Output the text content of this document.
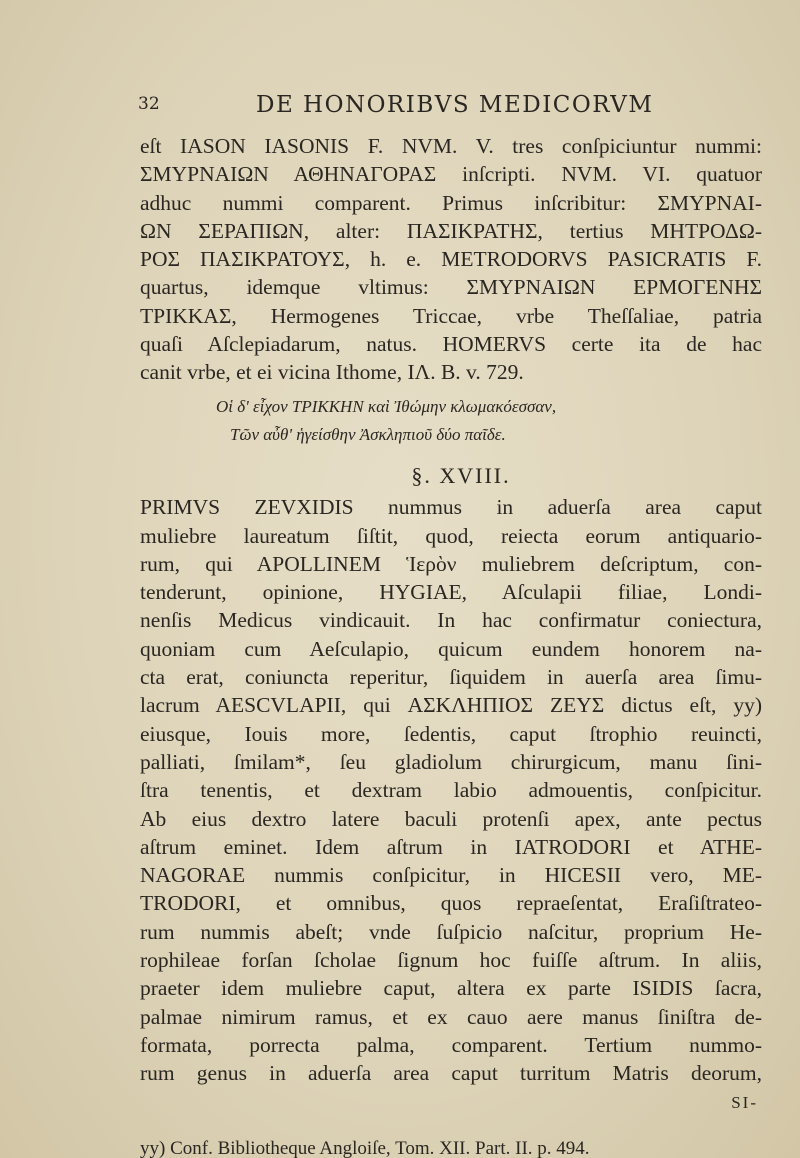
32	DE HONORIBVS MEDICORVM
eſt IASON IASONIS F. NVM. V. tres conſpiciuntur nummi:
ΣΜΥΡΝΑΙΩΝ ΑΘΗΝΑΓΟΡΑΣ inſcripti. NVM. VI. quatuor
adhuc nummi comparent. Primus inſcribitur: ΣΜΥΡΝΑΙ-
ΩΝ ΣΕΡΑΠΙΩΝ, alter: ΠΑΣΙΚΡΑΤΗΣ, tertius ΜΗΤΡΟΔΩ-
ΡΟΣ ΠΑΣΙΚΡΑΤΟΥΣ, h. e. METRODORVS PASICRATIS F.
quartus, idemque vltimus: ΣΜΥΡΝΑΙΩΝ ΕΡΜΟΓΕΝΗΣ
ΤΡΙΚΚΑΣ, Hermogenes Triccae, vrbe Theſſaliae, patria
quaſi Aſclepiadarum, natus. HOMERVS certe ita de hac
canit vrbe, et ei vicina Ithome, ΙΛ. Β. v. 729.
Οἱ δ' εἶχον ΤΡΙΚΚΗΝ καὶ Ἰθώμην κλωμακόεσσαν,
Τῶν αὖθ' ἡγείσθην Ἀσκληπιοῦ δύο παῖδε.
§. XVIII.
PRIMVS ZEVXIDIS nummus in aduerſa area caput
muliebre laureatum ſiſtit, quod, reiecta eorum antiquario-
rum, qui APOLLINEM Ἱερὸν muliebrem deſcriptum, con-
tenderunt, opinione, HYGIAE, Aſculapii filiae, Londi-
nenſis Medicus vindicauit. In hac confirmatur coniectura,
quoniam cum Aeſculapio, quicum eundem honorem na-
cta erat, coniuncta reperitur, ſiquidem in auerſa area ſimu-
lacrum AESCVLAPII, qui ΑΣΚΛΗΠΙΟΣ ΖΕΥΣ dictus eſt, yy)
eiusque, Iouis more, ſedentis, caput ſtrophio reuincti,
palliati, ſmilam*, ſeu gladiolum chirurgicum, manu ſini-
ſtra tenentis, et dextram labio admouentis, conſpicitur.
Ab eius dextro latere baculi protenſi apex, ante pectus
aſtrum eminet. Idem aſtrum in IATRODORI et ATHE-
NAGORAE nummis conſpicitur, in HICESII vero, ME-
TRODORI, et omnibus, quos repraeſentat, Eraſiſtrateo-
rum nummis abeſt; vnde ſuſpicio naſcitur, proprium He-
rophileae forſan ſcholae ſignum hoc fuiſſe aſtrum. In aliis,
praeter idem muliebre caput, altera ex parte ISIDIS ſacra,
palmae nimirum ramus, et ex cauo aere manus ſiniſtra de-
formata, porrecta palma, comparent. Tertium nummo-
rum genus in aduerſa area caput turritum Matris deorum,
SI-
yy) Conf. Bibliotheque Angloiſe, Tom. XII. Part. II. p. 494.
